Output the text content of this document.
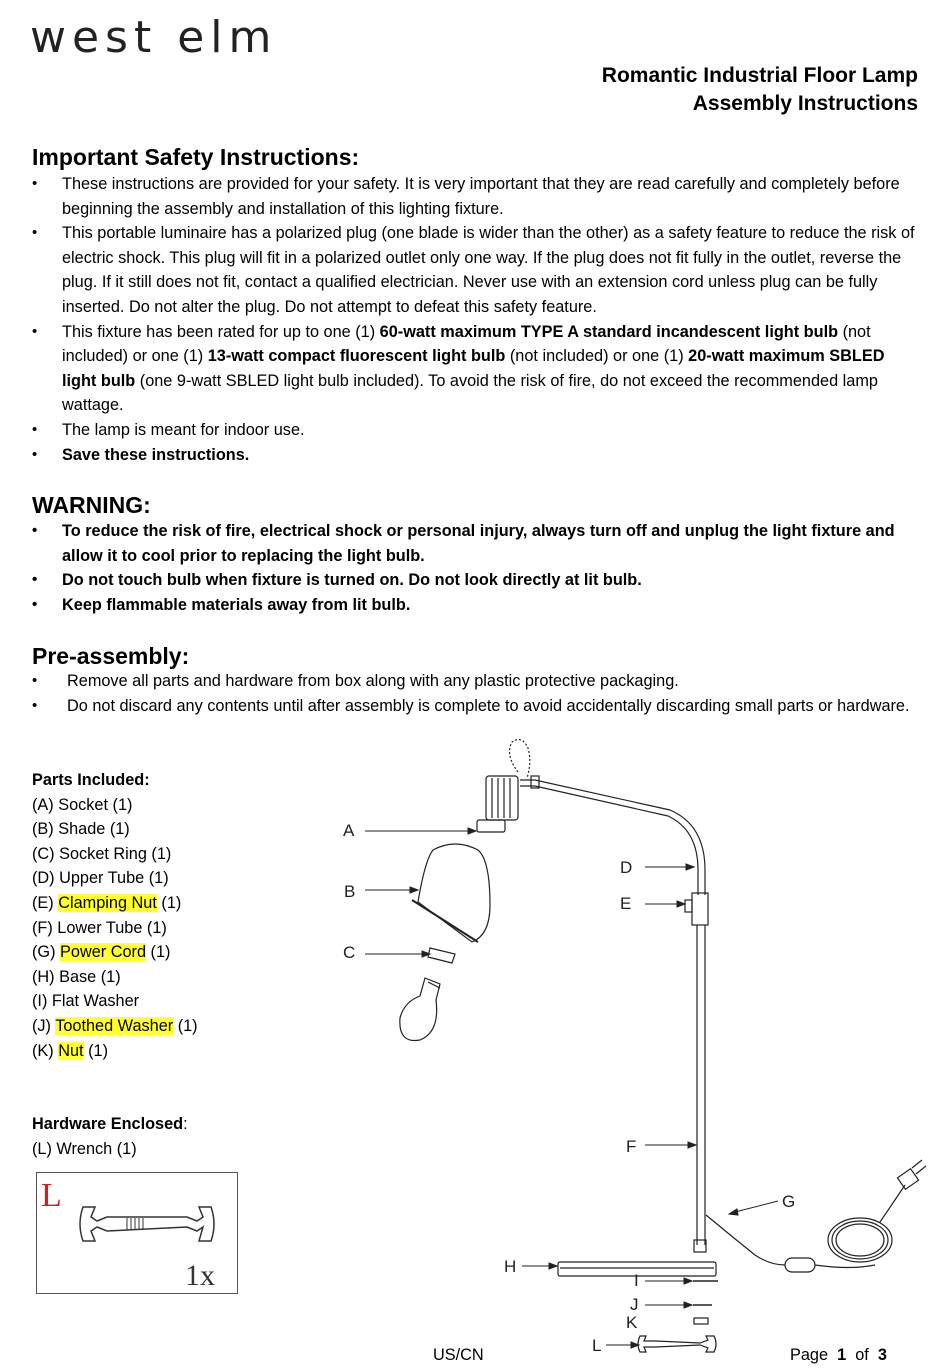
west elm
Romantic Industrial Floor Lamp
Assembly Instructions
Important Safety Instructions:
• These instructions are provided for your safety. It is very important that they are read carefully and completely before beginning the assembly and installation of this lighting fixture.
• This portable luminaire has a polarized plug (one blade is wider than the other) as a safety feature to reduce the risk of electric shock. This plug will fit in a polarized outlet only one way. If the plug does not fit fully in the outlet, reverse the plug. If it still does not fit, contact a qualified electrician. Never use with an extension cord unless plug can be fully inserted. Do not alter the plug. Do not attempt to defeat this safety feature.
• This fixture has been rated for up to one (1) 60-watt maximum TYPE A standard incandescent light bulb (not included) or one (1) 13-watt compact fluorescent light bulb (not included) or one (1) 20-watt maximum SBLED light bulb (one 9-watt SBLED light bulb included). To avoid the risk of fire, do not exceed the recommended lamp wattage.
• The lamp is meant for indoor use.
• Save these instructions.
WARNING:
• To reduce the risk of fire, electrical shock or personal injury, always turn off and unplug the light fixture and allow it to cool prior to replacing the light bulb.
• Do not touch bulb when fixture is turned on. Do not look directly at lit bulb.
• Keep flammable materials away from lit bulb.
Pre-assembly:
• Remove all parts and hardware from box along with any plastic protective packaging.
• Do not discard any contents until after assembly is complete to avoid accidentally discarding small parts or hardware.
Parts Included:
(A) Socket (1)
(B) Shade (1)
(C) Socket Ring (1)
(D) Upper Tube (1)
(E) Clamping Nut (1)
(F) Lower Tube (1)
(G) Power Cord (1)
(H) Base (1)
(I) Flat Washer
(J) Toothed Washer (1)
(K) Nut (1)
Hardware Enclosed:
(L) Wrench (1)
L
1x
A
B
C
D
E
F
G
H
I
J
K
L
US/CN	Page 1 of 3
